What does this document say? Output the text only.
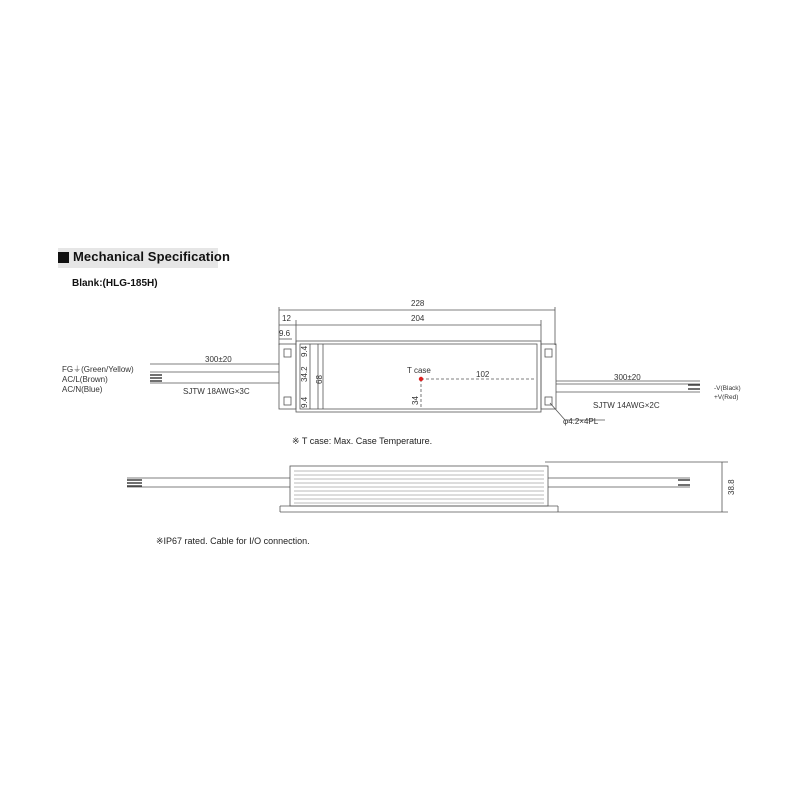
Mechanical Specification
Blank:(HLG-185H)
228
204
12
9.6
T case	102
9.4
34.2
9.4
68
34
300±20
SJTW 18AWG×3C
300±20
SJTW 14AWG×2C
φ4.2×4PL
FG⏚(Green/Yellow)
AC/L(Brown)
AC/N(Blue)	-V(Black)
+V(Red)
38.8
※ T case: Max. Case Temperature.
※IP67 rated. Cable for I/O connection.
